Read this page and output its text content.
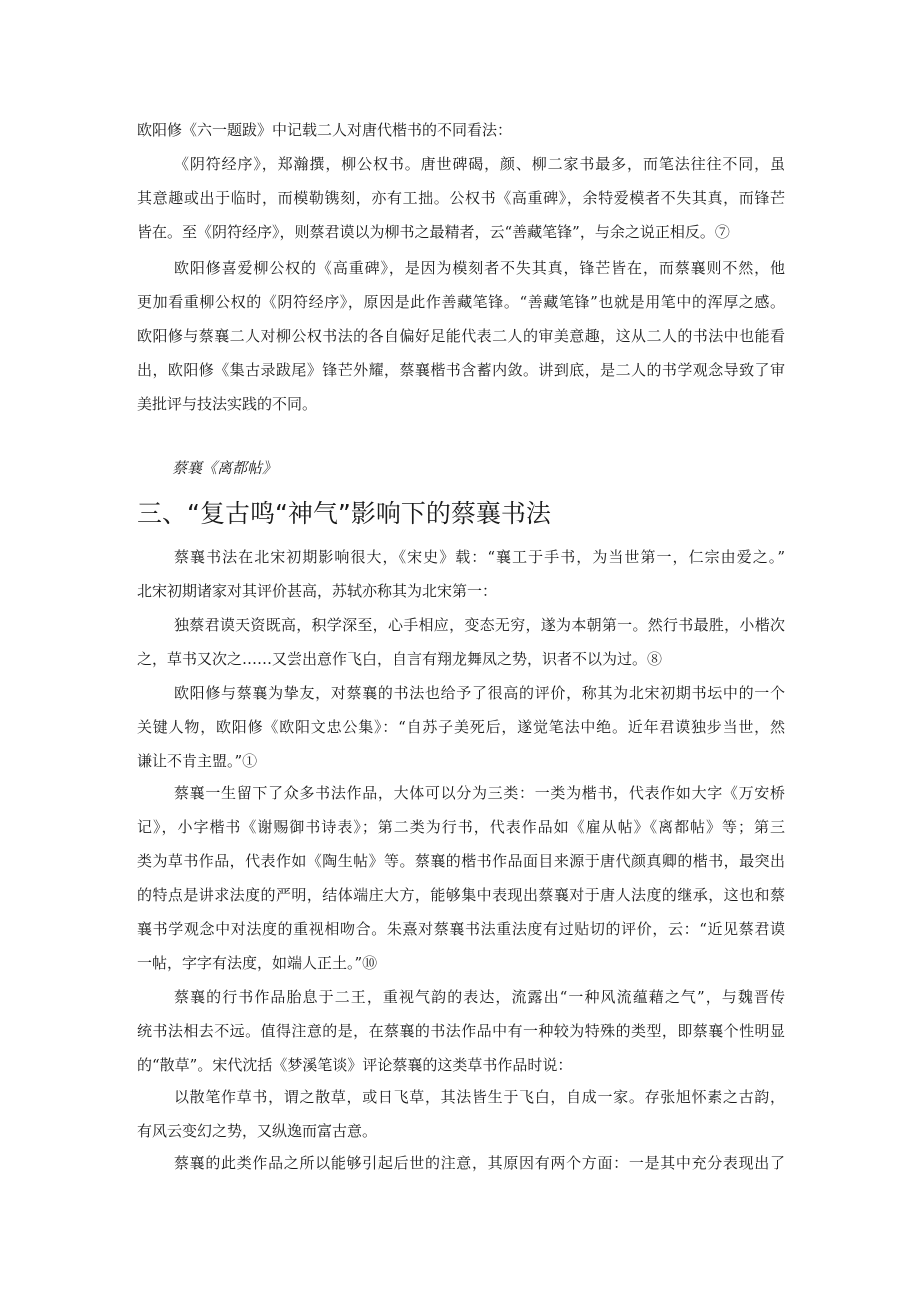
欧阳修《六一题跋》中记载二人对唐代楷书的不同看法：
《阴符经序》，郑瀚撰，柳公权书。唐世碑碣，颜、柳二家书最多，而笔法往往不同，虽
其意趣或出于临时，而模勒镌刻，亦有工拙。公权书《高重碑》，余特爱模者不失其真，而锋芒
皆在。至《阴符经序》，则蔡君谟以为柳书之最精者，云“善藏笔锋”，与余之说正相反。⑦
欧阳修喜爱柳公权的《高重碑》，是因为模刻者不失其真，锋芒皆在，而蔡襄则不然，他
更加看重柳公权的《阴符经序》，原因是此作善藏笔锋。“善藏笔锋”也就是用笔中的浑厚之感。
欧阳修与蔡襄二人对柳公权书法的各自偏好足能代表二人的审美意趣，这从二人的书法中也能看
出，欧阳修《集古录跋尾》锋芒外耀，蔡襄楷书含蓄内敛。讲到底，是二人的书学观念导致了审
美批评与技法实践的不同。
蔡襄《离都帖》
三、“复古鸣“神气”影响下的蔡襄书法
蔡襄书法在北宋初期影响很大，《宋史》载：“襄工于手书，为当世第一，仁宗由爱之。”
北宋初期诸家对其评价甚高，苏轼亦称其为北宋第一：
独蔡君谟天资既高，积学深至，心手相应，变态无穷，遂为本朝第一。然行书最胜，小楷次
之，草书又次之……又尝出意作飞白，自言有翔龙舞凤之势，识者不以为过。⑧
欧阳修与蔡襄为挚友，对蔡襄的书法也给予了很高的评价，称其为北宋初期书坛中的一个
关键人物，欧阳修《欧阳文忠公集》：“自苏子美死后，遂觉笔法中绝。近年君谟独步当世，然
谦让不肯主盟。”①
蔡襄一生留下了众多书法作品，大体可以分为三类：一类为楷书，代表作如大字《万安桥
记》，小字楷书《谢赐御书诗表》；第二类为行书，代表作品如《雇从帖》《离都帖》等；第三
类为草书作品，代表作如《陶生帖》等。蔡襄的楷书作品面目来源于唐代颜真卿的楷书，最突出
的特点是讲求法度的严明，结体端庄大方，能够集中表现出蔡襄对于唐人法度的继承，这也和蔡
襄书学观念中对法度的重视相吻合。朱熹对蔡襄书法重法度有过贴切的评价，云：“近见蔡君谟
一帖，字字有法度，如端人正土。”⑩
蔡襄的行书作品胎息于二王，重视气韵的表达，流露出“一种风流蕴藉之气”，与魏晋传
统书法相去不远。值得注意的是，在蔡襄的书法作品中有一种较为特殊的类型，即蔡襄个性明显
的“散草”。宋代沈括《梦溪笔谈》评论蔡襄的这类草书作品时说：
以散笔作草书，谓之散草，或日飞草，其法皆生于飞白，自成一家。存张旭怀素之古韵，
有风云变幻之势，又纵逸而富古意。
蔡襄的此类作品之所以能够引起后世的注意，其原因有两个方面：一是其中充分表现出了
